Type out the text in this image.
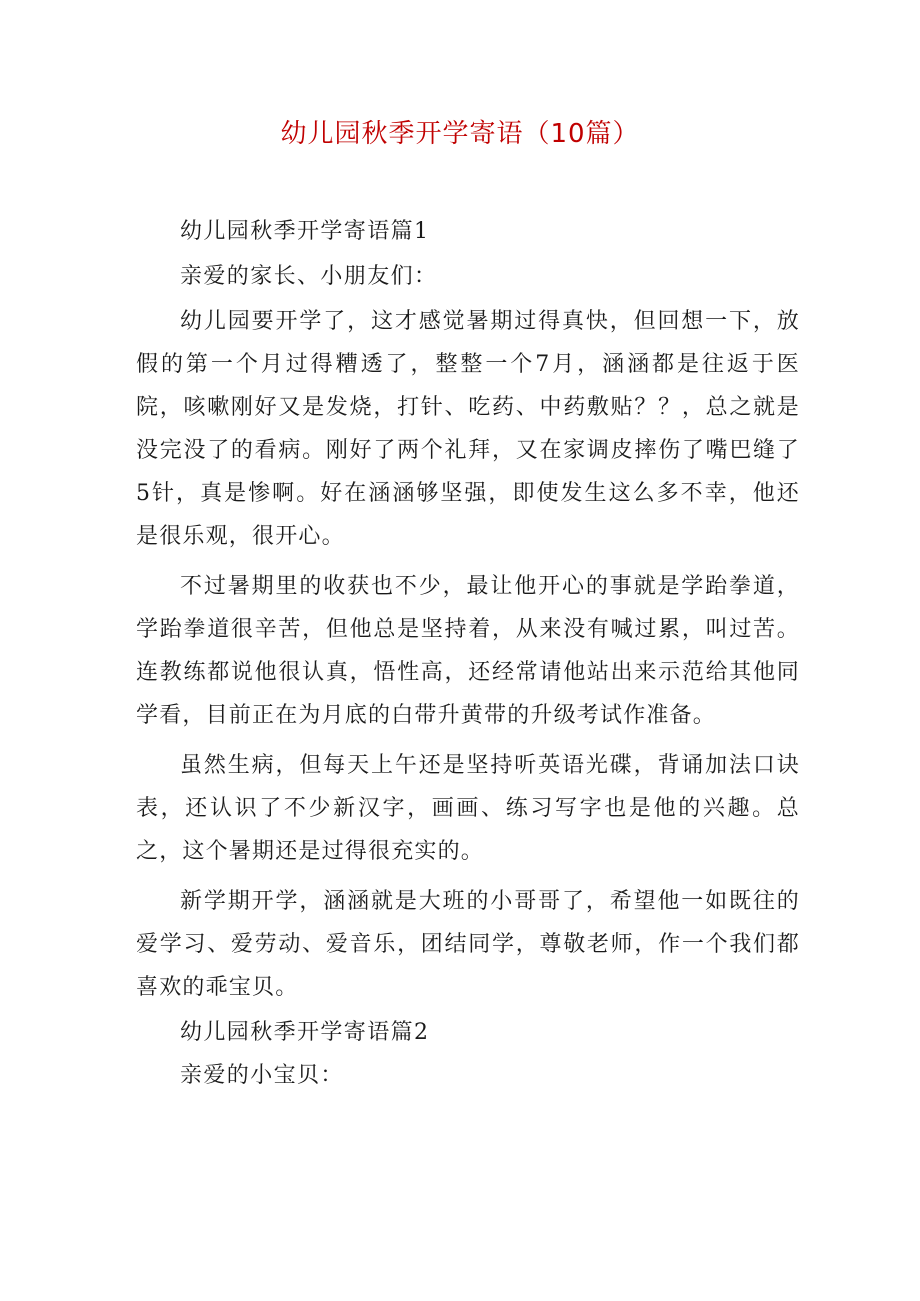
幼儿园秋季开学寄语（10篇）

幼儿园秋季开学寄语篇1

亲爱的家长、小朋友们：

幼儿园要开学了，这才感觉暑期过得真快，但回想一下，放假的第一个月过得糟透了，整整一个7月，涵涵都是往返于医院，咳嗽刚好又是发烧，打针、吃药、中药敷贴？？，总之就是没完没了的看病。刚好了两个礼拜，又在家调皮摔伤了嘴巴缝了5针，真是惨啊。好在涵涵够坚强，即使发生这么多不幸，他还是很乐观，很开心。

不过暑期里的收获也不少，最让他开心的事就是学跆拳道，学跆拳道很辛苦，但他总是坚持着，从来没有喊过累，叫过苦。连教练都说他很认真，悟性高，还经常请他站出来示范给其他同学看，目前正在为月底的白带升黄带的升级考试作准备。

虽然生病，但每天上午还是坚持听英语光碟，背诵加法口诀表，还认识了不少新汉字，画画、练习写字也是他的兴趣。总之，这个暑期还是过得很充实的。

新学期开学，涵涵就是大班的小哥哥了，希望他一如既往的爱学习、爱劳动、爱音乐，团结同学，尊敬老师，作一个我们都喜欢的乖宝贝。

幼儿园秋季开学寄语篇2

亲爱的小宝贝：
